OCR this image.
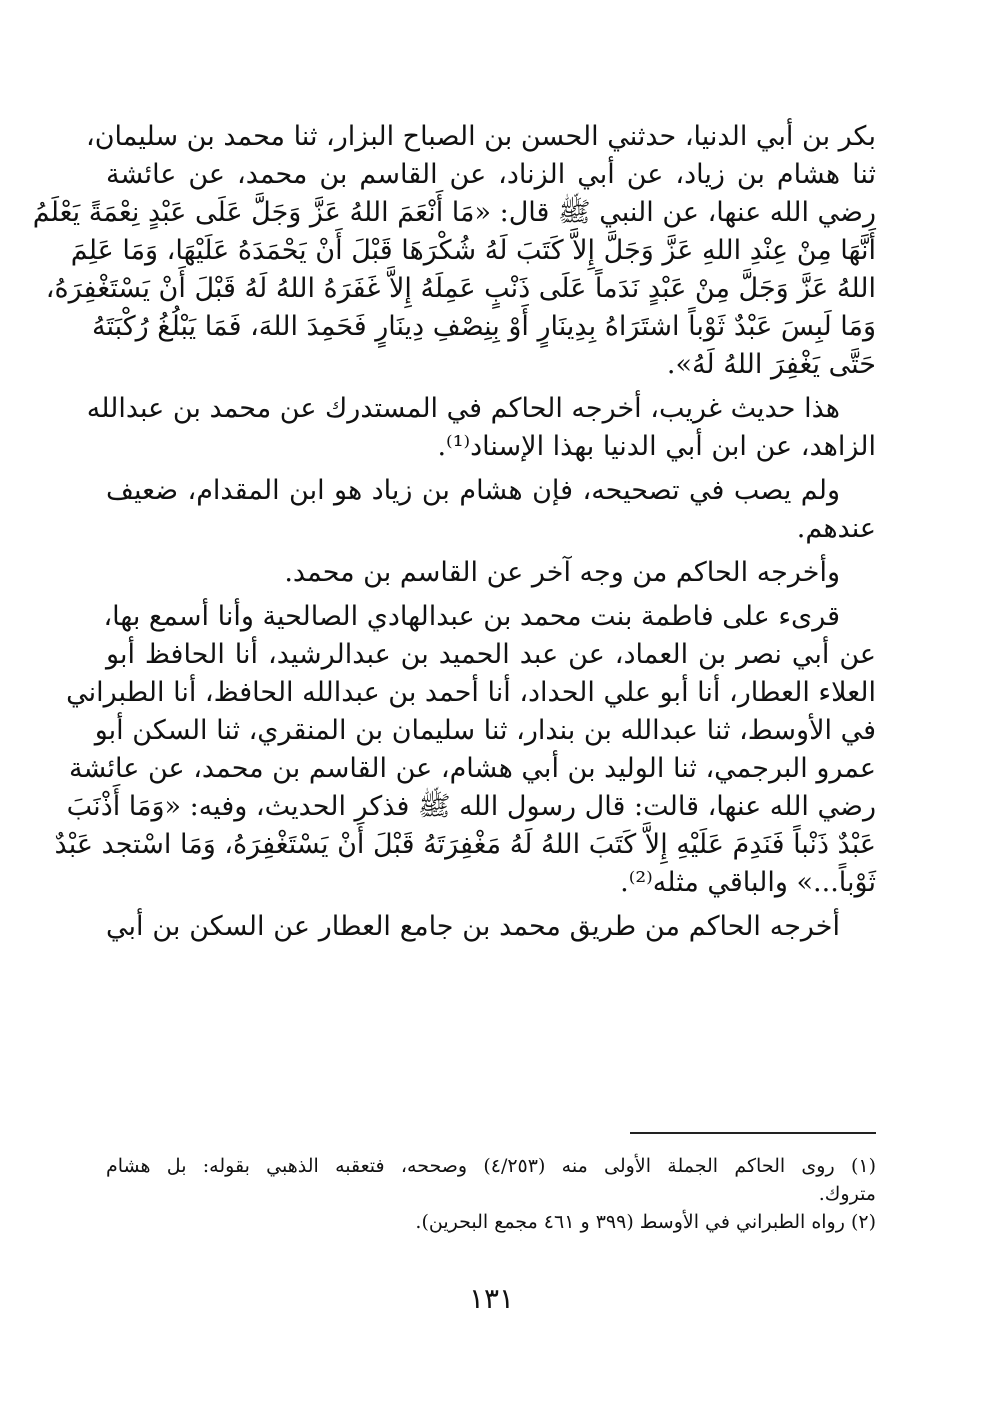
بكر بن أبي الدنيا، حدثني الحسن بن الصباح البزار، ثنا محمد بن سليمان،
ثنا هشام بن زياد، عن أبي الزناد، عن القاسم بن محمد، عن عائشة
رضي الله عنها، عن النبي ﷺ قال: «مَا أَنْعَمَ اللهُ عَزَّ وَجَلَّ عَلَى عَبْدٍ نِعْمَةً يَعْلَمُ
أَنَّهَا مِنْ عِنْدِ اللهِ عَزَّ وَجَلَّ إِلاَّ كَتَبَ لَهُ شُكْرَهَا قَبْلَ أَنْ يَحْمَدَهُ عَلَيْهَا، وَمَا عَلِمَ
اللهُ عَزَّ وَجَلَّ مِنْ عَبْدٍ نَدَماً عَلَى ذَنْبٍ عَمِلَهُ إِلاَّ غَفَرَهُ اللهُ لَهُ قَبْلَ أَنْ يَسْتَغْفِرَهُ،
وَمَا لَبِسَ عَبْدٌ ثَوْباً اشتَرَاهُ بِدِينَارٍ أَوْ بِنِصْفِ دِينَارٍ فَحَمِدَ اللهَ، فَمَا يَبْلُغُ رُكْبَتَهُ
حَتَّى يَغْفِرَ اللهُ لَهُ».
هذا حديث غريب، أخرجه الحاكم في المستدرك عن محمد بن عبدالله
الزاهد، عن ابن أبي الدنيا بهذا الإسناد⁽¹⁾.
ولم يصب في تصحيحه، فإن هشام بن زياد هو ابن المقدام، ضعيف
عندهم.
وأخرجه الحاكم من وجه آخر عن القاسم بن محمد.
قرىء على فاطمة بنت محمد بن عبدالهادي الصالحية وأنا أسمع بها،
عن أبي نصر بن العماد، عن عبد الحميد بن عبدالرشيد، أنا الحافظ أبو
العلاء العطار، أنا أبو علي الحداد، أنا أحمد بن عبدالله الحافظ، أنا الطبراني
في الأوسط، ثنا عبدالله بن بندار، ثنا سليمان بن المنقري، ثنا السكن أبو
عمرو البرجمي، ثنا الوليد بن أبي هشام، عن القاسم بن محمد، عن عائشة
رضي الله عنها، قالت: قال رسول الله ﷺ فذكر الحديث، وفيه: «وَمَا أَذْنَبَ
عَبْدٌ ذَنْباً فَنَدِمَ عَلَيْهِ إِلاَّ كَتَبَ اللهُ لَهُ مَغْفِرَتَهُ قَبْلَ أَنْ يَسْتَغْفِرَهُ، وَمَا اسْتجد عَبْدٌ
ثَوْباً...» والباقي مثله⁽²⁾.
أخرجه الحاكم من طريق محمد بن جامع العطار عن السكن بن أبي
(١) روى الحاكم الجملة الأولى منه (٤/٢٥٣) وصححه، فتعقبه الذهبي بقوله: بل هشام
متروك.
(٢) رواه الطبراني في الأوسط (٣٩٩ و ٤٦١ مجمع البحرين).
١٣١
